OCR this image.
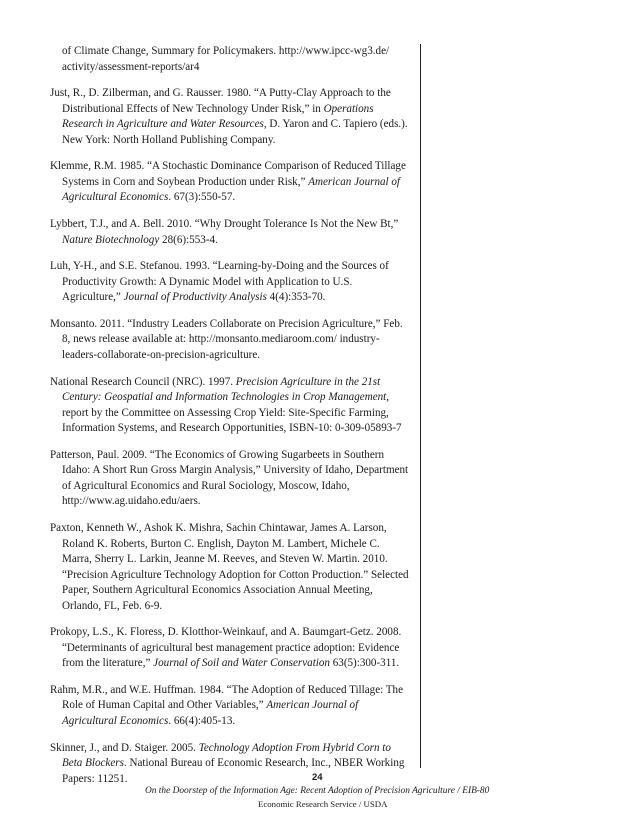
of Climate Change, Summary for Policymakers. http://www.ipcc-wg3.de/ activity/assessment-reports/ar4

Just, R., D. Zilberman, and G. Rausser. 1980. “A Putty-Clay Approach to the Distributional Effects of New Technology Under Risk,” in Operations Research in Agriculture and Water Resources, D. Yaron and C. Tapiero (eds.). New York: North Holland Publishing Company.

Klemme, R.M. 1985. “A Stochastic Dominance Comparison of Reduced Tillage Systems in Corn and Soybean Production under Risk,” American Journal of Agricultural Economics. 67(3):550-57.

Lybbert, T.J., and A. Bell. 2010. “Why Drought Tolerance Is Not the New Bt,” Nature Biotechnology 28(6):553-4.

Luh, Y-H., and S.E. Stefanou. 1993. “Learning-by-Doing and the Sources of Productivity Growth: A Dynamic Model with Application to U.S. Agriculture,” Journal of Productivity Analysis 4(4):353-70.

Monsanto. 2011. “Industry Leaders Collaborate on Precision Agriculture,” Feb. 8, news release available at: http://monsanto.mediaroom.com/ industry-leaders-collaborate-on-precision-agriculture.

National Research Council (NRC). 1997. Precision Agriculture in the 21st Century: Geospatial and Information Technologies in Crop Management, report by the Committee on Assessing Crop Yield: Site-Specific Farming, Information Systems, and Research Opportunities, ISBN-10: 0-309-05893-7

Patterson, Paul. 2009. “The Economics of Growing Sugarbeets in Southern Idaho: A Short Run Gross Margin Analysis,” University of Idaho, Department of Agricultural Economics and Rural Sociology, Moscow, Idaho, http://www.ag.uidaho.edu/aers.

Paxton, Kenneth W., Ashok K. Mishra, Sachin Chintawar, James A. Larson, Roland K. Roberts, Burton C. English, Dayton M. Lambert, Michele C. Marra, Sherry L. Larkin, Jeanne M. Reeves, and Steven W. Martin. 2010. “Precision Agriculture Technology Adoption for Cotton Production.” Selected Paper, Southern Agricultural Economics Association Annual Meeting, Orlando, FL, Feb. 6-9.

Prokopy, L.S., K. Floress, D. Klotthor-Weinkauf, and A. Baumgart-Getz. 2008. “Determinants of agricultural best management practice adoption: Evidence from the literature,” Journal of Soil and Water Conservation 63(5):300-311.

Rahm, M.R., and W.E. Huffman. 1984. “The Adoption of Reduced Tillage: The Role of Human Capital and Other Variables,” American Journal of Agricultural Economics. 66(4):405-13.

Skinner, J., and D. Staiger. 2005. Technology Adoption From Hybrid Corn to Beta Blockers. National Bureau of Economic Research, Inc., NBER Working Papers: 11251.	24
On the Doorstep of the Information Age: Recent Adoption of Precision Agriculture / EIB-80
Economic Research Service / USDA
